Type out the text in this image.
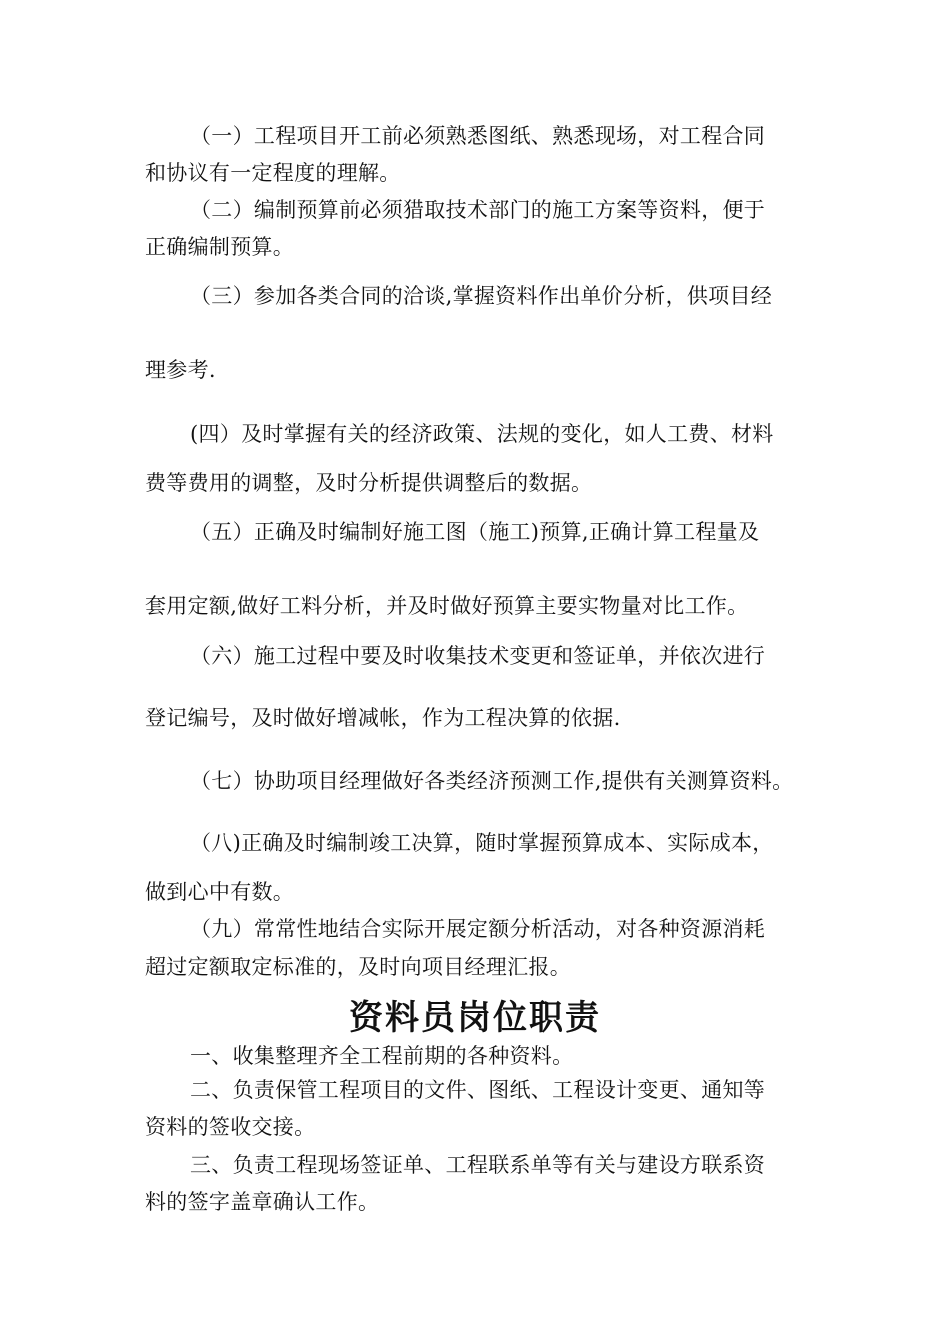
（一）工程项目开工前必须熟悉图纸、熟悉现场，对工程合同
和协议有一定程度的理解。
（二）编制预算前必须猎取技术部门的施工方案等资料，便于
正确编制预算。
（三）参加各类合同的洽谈,掌握资料作出单价分析，供项目经
理参考.
(四）及时掌握有关的经济政策、法规的变化，如人工费、材料
费等费用的调整，及时分析提供调整后的数据。
（五）正确及时编制好施工图（施工)预算,正确计算工程量及
套用定额,做好工料分析，并及时做好预算主要实物量对比工作。
（六）施工过程中要及时收集技术变更和签证单，并依次进行
登记编号，及时做好增减帐，作为工程决算的依据.
（七）协助项目经理做好各类经济预测工作,提供有关测算资料。
（八)正确及时编制竣工决算，随时掌握预算成本、实际成本，
做到心中有数。
（九）常常性地结合实际开展定额分析活动，对各种资源消耗
超过定额取定标准的，及时向项目经理汇报。
资料员岗位职责
一、收集整理齐全工程前期的各种资料。
二、负责保管工程项目的文件、图纸、工程设计变更、通知等
资料的签收交接。
三、负责工程现场签证单、工程联系单等有关与建设方联系资
料的签字盖章确认工作。
